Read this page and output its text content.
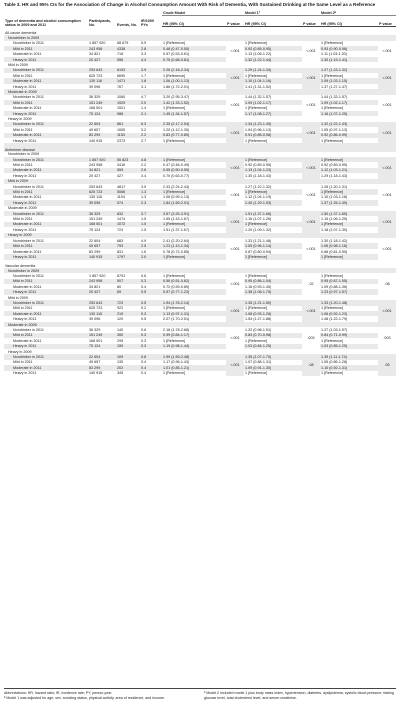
Table 3. HR and 95% CIs for the Association of Change in Alcohol Consumption Amount With Risk of Dementia, With Sustained Drinking at the Same Level as a Reference
Type of dementia and alcohol consumption status in 2009 and 2011	Participants, No.	Events, No.	IR/1000 PYs	Crude Model		Model 1ª		Model 2ᵇ	
				HR (95% CI)	P value	HR (95% CI)	P value	HR (95% CI)	P value
All-cause dementia									
Nondrinker in 2009									
Nondrinker in 2011	1 857 920	68 679	5.9	1 [Reference]	<.001	1 [Reference]	<.001	1 [Reference]	<.001
Mild in 2011	243 958	4338	2.8	0.48 (0.47-0.50)		0.92 (0.89-0.95)		0.93 (0.90-0.96)	
Moderate in 2011	34 821	718	3.3	0.57 (0.53-0.61)		1.13 (1.05-1.22)		1.11 (1.03-1.20)	
Heavy in 2011	20 427	556	4.4	0.75 (0.68-0.81)		1.32 (1.22-1.44)		1.30 (1.19-1.41)	
Mild in 2009									
Nondrinker in 2011	253 643	6153	3.9	2.26 (2.18-2.34)	<.001	1.29 (1.24-1.34)	<.001	1.27 (1.23-1.32)	<.001
Mild in 2011	625 723	6690	1.7	1 [Reference]		1 [Reference]		1 [Reference]	
Moderate in 2011	130 116	1471	1.8	1.06 (1.00-1.13)		1.10 (1.04-1.16)		1.09 (1.03-1.15)	
Heavy in 2011	39 096	767	3.1	1.86 (1.72-2.01)		1.41 (1.31-1.52)		1.37 (1.27-1.47)	
Moderate in 2009									
Nondrinker in 2011	36 329	1060	4.7	3.20 (2.95-3.47)	<.001	1.44 (1.32-1.57)	<.001	1.44 (1.33-1.57)	<.001
Mild in 2011	151 249	1929	2.0	1.42 (1.33-1.52)		1.09 (1.02-1.17)		1.09 (1.02-1.17)	
Moderate in 2011	168 501	1521	1.4	1 [Reference]		1 [Reference]		1 [Reference]	
Heavy in 2011	75 124	986	2.1	1.45 (1.34-1.57)		1.17 (1.08-1.27)		1.16 (1.07-1.25)	
Heavy in 2009									
Nondrinker in 2011	22 604	861	6.3	2.35 (2.17-2.54)	<.001	1.34 (1.23-1.45)	<.001	1.32 (1.22-1.43)	<.001
Mild in 2011	49 657	1005	3.2	1.20 (1.12-1.30)		1.04 (0.96-1.13)		1.05 (0.97-1.13)	
Moderate in 2011	83 299	1153	2.2	0.83 (0.77-0.89)		0.91 (0.85-0.98)		0.92 (0.86-0.99)	
Heavy in 2011	140 915	2373	2.7	1 [Reference]		1 [Reference]		1 [Reference]	
Alzheimer disease									
Nondrinker in 2009									
Nondrinker in 2011	1 857 920	55 823	4.8	1 [Reference]	<.001	1 [Reference]	<.001	1 [Reference]	<.001
Mild in 2011	243 958	3416	2.2	0.47 (0.46-0.49)		0.92 (0.89-0.95)		0.92 (0.89-0.95)	
Moderate in 2011	34 821	559	2.6	0.55 (0.50-0.59)		1.13 (1.04-1.23)		1.12 (1.03-1.21)	
Heavy in 2011	20 427	427	3.4	0.70 (0.63-0.77)		1.30 (1.18-1.43)		1.29 (1.18-1.43)	
Mild in 2009									
Nondrinker in 2011	253 643	4817	3.0	2.33 (2.24-2.43)	<.001	1.27 (1.22-1.32)	<.001	1.26 (1.20-1.31)	<.001
Mild in 2011	625 723	5066	1.3	1 [Reference]		1 [Reference]		1 [Reference]	
Moderate in 2011	130 116	1104	1.3	1.06 (0.99-1.13)		1.12 (1.04-1.19)		1.10 (1.03-1.18)	
Heavy in 2011	39 096	574	2.3	1.84 (1.69-2.01)		1.40 (1.29-1.53)		1.37 (1.25-1.49)	
Moderate in 2009									
Nondrinker in 2011	36 329	832	3.7	3.57 (3.25-3.91)	<.001	1.51 (1.37-1.66)	<.001	1.50 (1.37-1.65)	<.001
Mild in 2011	151 249	1474	1.5	1.55 (1.43-1.67)		1.16 (1.07-1.26)		1.15 (1.06-1.25)	
Moderate in 2011	168 501	1072	1.0	1 [Reference]		1 [Reference]		1 [Reference]	
Heavy in 2011	75 124	724	1.5	1.51 (1.37-1.67)		1.20 (1.09-1.32)		1.18 (1.07-1.30)	
Heavy in 2009									
Nondrinker in 2011	22 604	683	4.9	2.41 (2.20-2.64)	<.001	1.33 (1.21-1.46)	<.001	1.30 (1.18-1.42)	<.001
Mild in 2011	49 657	793	2.5	1.23 (1.13-1.34)		1.05 (0.96-1.14)		1.06 (0.98-1.16)	
Moderate in 2011	83 299	831	1.6	0.78 (0.72-0.85)		0.87 (0.80-0.94)		0.88 (0.81-0.95)	
Heavy in 2011	140 915	1797	2.0	1 [Reference]		1 [Reference]		1 [Reference]	
Vascular dementia									
Nondrinker in 2009									
Nondrinker in 2011	1 857 920	6791	0.6	1 [Reference]	<.001	1 [Reference]	.02	1 [Reference]	.08
Mild in 2011	243 958	507	0.3	0.56 (0.51-0.62)		0.95 (0.86-1.04)		0.95 (0.87-1.05)	
Moderate in 2011	34 821	80	0.4	0.72 (0.59-0.89)		1.16 (0.93-1.45)		1.09 (0.88-1.36)	
Heavy in 2011	20 427	69	0.5	0.97 (0.77-1.23)		1.38 (1.08-1.75)		1.23 (0.97-1.57)	
Mild in 2009									
Nondrinker in 2011	253 643	723	0.5	1.94 (1.76-2.14)	<.001	1.35 (1.21-1.50)	<.001	1.33 (1.20-1.48)	<.001
Mild in 2011	625 723	922	0.2	1 [Reference]		1 [Reference]		1 [Reference]	
Moderate in 2011	130 116	219	0.3	1.13 (0.97-1.31)		1.08 (0.93-1.26)		1.06 (0.92-1.23)	
Heavy in 2011	39 096	120	0.5	2.07 (1.70-2.51)		1.54 (1.27-1.88)		1.48 (1.22-1.79)	
Moderate in 2009									
Nondrinker in 2011	36 329	140	0.6	2.18 (1.78-2.68)	<.001	1.22 (0.98-1.51)	.003	1.27 (1.03-1.57)	.003
Mild in 2011	151 249	260	0.3	0.99 (0.84-1.17)		0.83 (0.70-0.98)		0.84 (0.71-0.99)	
Moderate in 2011	168 501	295	0.3	1 [Reference]		1 [Reference]		1 [Reference]	
Heavy in 2011	75 124	159	0.3	1.19 (0.98-1.44)		1.03 (0.84-1.25)		1.03 (0.85-1.25)	
Heavy in 2009									
Nondrinker in 2011	22 604	109	0.8	1.99 (1.59-2.48)	<.001	1.35 (1.07-1.70)	.08	1.39 (1.11-1.74)	.05
Mild in 2011	49 657	135	0.4	1.17 (0.96-1.43)		1.07 (0.88-1.31)		1.05 (0.86-1.28)	
Moderate in 2011	83 299	202	0.4	1.01 (0.85-1.21)		1.09 (0.91-1.30)		1.10 (0.92-1.31)	
Heavy in 2011	140 915	345	0.4	1 [Reference]		1 [Reference]		1 [Reference]	
Abbreviations: HR, hazard ratio; IR, incidence rate; PY, person-year.
ª Model 1 was adjusted for age, sex, smoking status, physical activity, area of residence, and income.
ᵇ Model 2 included model 1 plus body mass index, hypertension, diabetes, dyslipidemia, systolic blood pressure, fasting glucose level, total cholesterol level, and serum creatinine.
